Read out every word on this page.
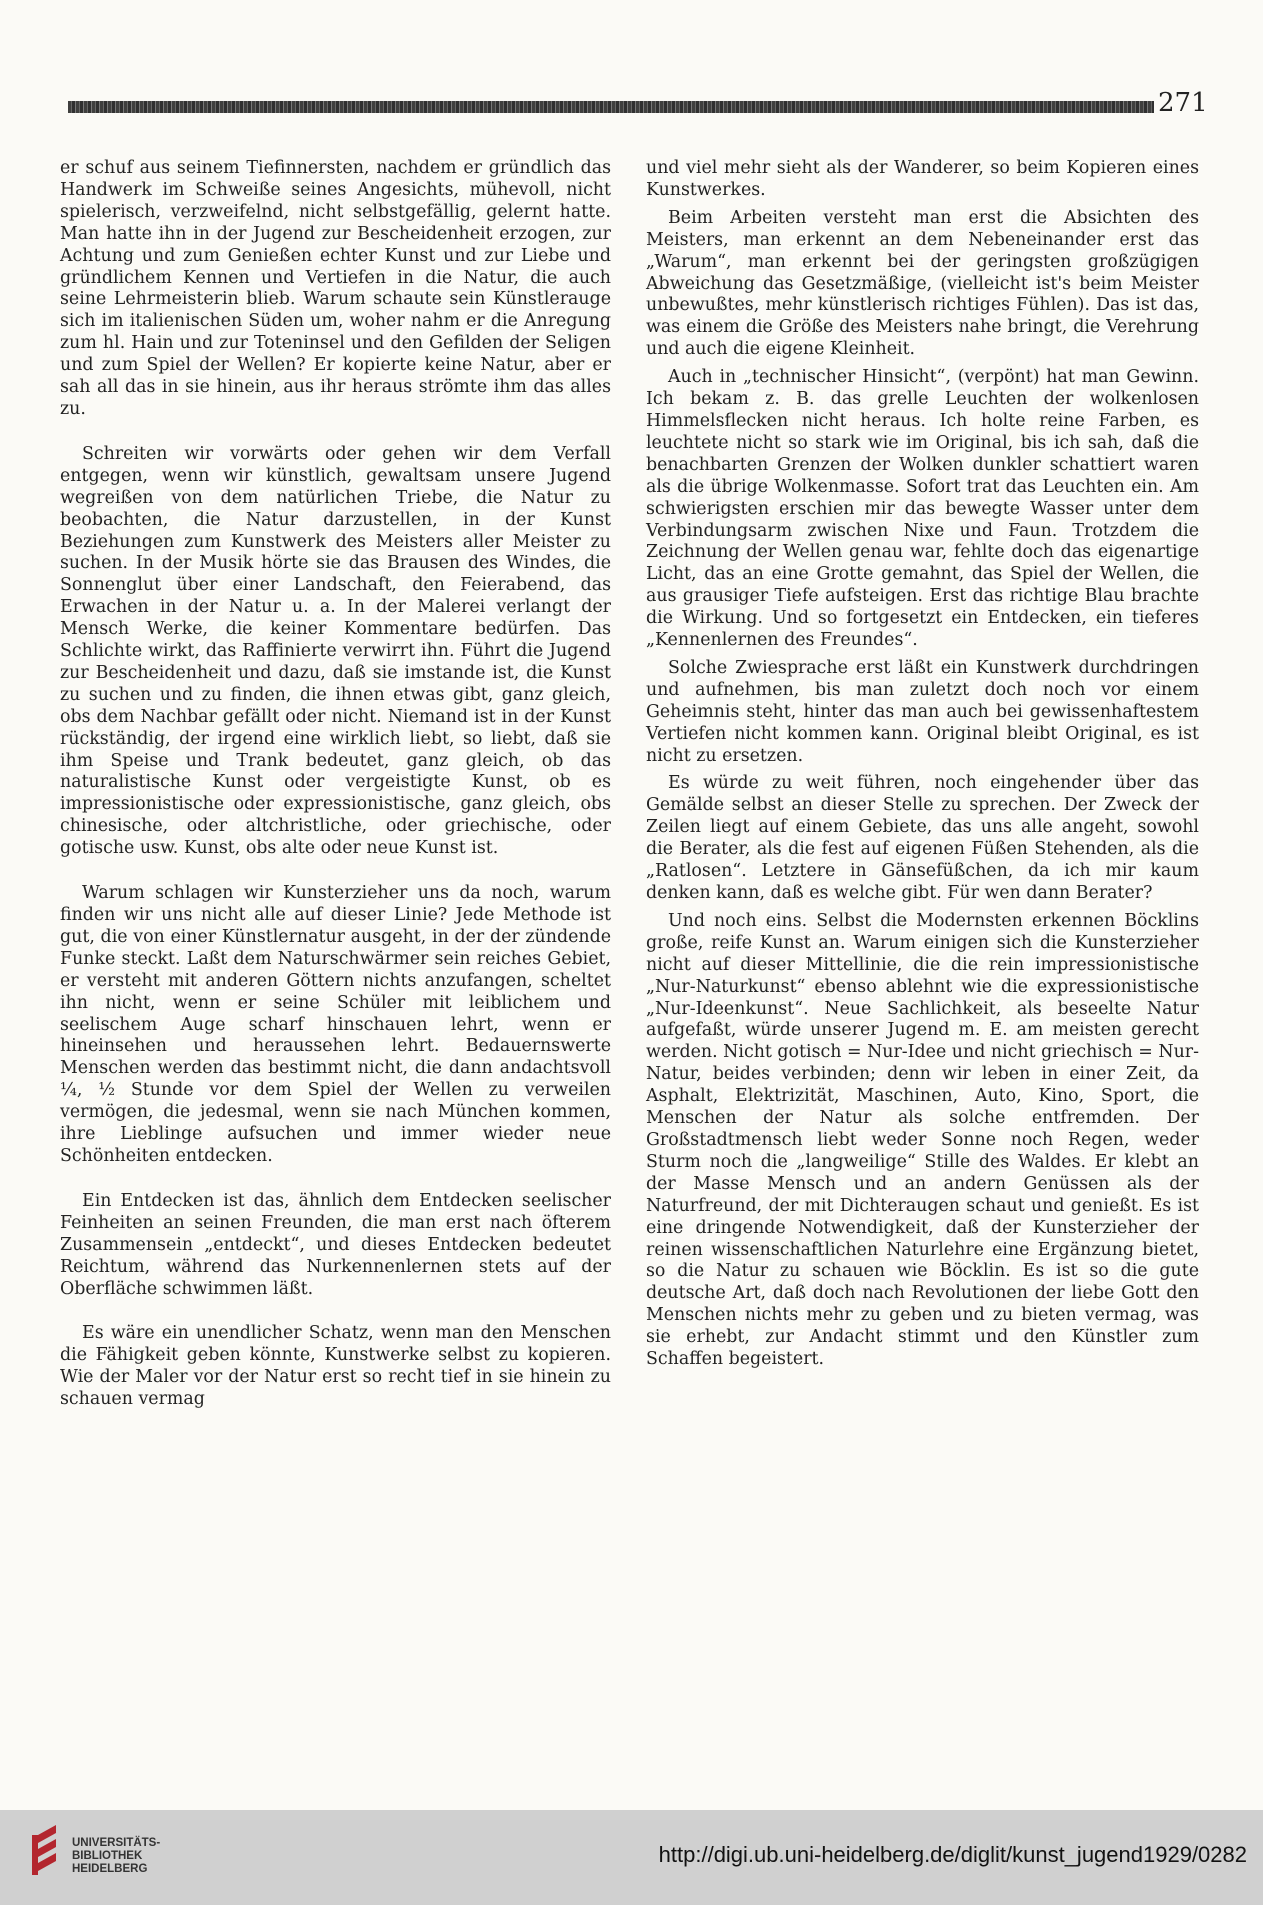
271

er schuf aus seinem Tiefinnersten, nachdem er gründlich das Handwerk im Schweiße seines Angesichts, mühevoll, nicht spielerisch, verzweifelnd, nicht selbstgefällig, gelernt hatte. Man hatte ihn in der Jugend zur Bescheidenheit erzogen, zur Achtung und zum Genießen echter Kunst und zur Liebe und gründlichem Kennen und Vertiefen in die Natur, die auch seine Lehrmeisterin blieb. Warum schaute sein Künstlerauge sich im italienischen Süden um, woher nahm er die Anregung zum hl. Hain und zur Toteninsel und den Gefilden der Seligen und zum Spiel der Wellen? Er kopierte keine Natur, aber er sah all das in sie hinein, aus ihr heraus strömte ihm das alles zu.

Schreiten wir vorwärts oder gehen wir dem Verfall entgegen, wenn wir künstlich, gewaltsam unsere Jugend wegreißen von dem natürlichen Triebe, die Natur zu beobachten, die Natur darzustellen, in der Kunst Beziehungen zum Kunstwerk des Meisters aller Meister zu suchen. In der Musik hörte sie das Brausen des Windes, die Sonnenglut über einer Landschaft, den Feierabend, das Erwachen in der Natur u. a. In der Malerei verlangt der Mensch Werke, die keiner Kommentare bedürfen. Das Schlichte wirkt, das Raffinierte verwirrt ihn. Führt die Jugend zur Bescheidenheit und dazu, daß sie imstande ist, die Kunst zu suchen und zu finden, die ihnen etwas gibt, ganz gleich, obs dem Nachbar gefällt oder nicht. Niemand ist in der Kunst rückständig, der irgend eine wirklich liebt, so liebt, daß sie ihm Speise und Trank bedeutet, ganz gleich, ob das naturalistische Kunst oder vergeistigte Kunst, ob es impressionistische oder expressionistische, ganz gleich, obs chinesische, oder altchristliche, oder griechische, oder gotische usw. Kunst, obs alte oder neue Kunst ist.

Warum schlagen wir Kunsterzieher uns da noch, warum finden wir uns nicht alle auf dieser Linie? Jede Methode ist gut, die von einer Künstlernatur ausgeht, in der der zündende Funke steckt. Laßt dem Naturschwärmer sein reiches Gebiet, er versteht mit anderen Göttern nichts anzufangen, scheltet ihn nicht, wenn er seine Schüler mit leiblichem und seelischem Auge scharf hinschauen lehrt, wenn er hineinsehen und heraussehen lehrt. Bedauernswerte Menschen werden das bestimmt nicht, die dann andachtsvoll ¼, ½ Stunde vor dem Spiel der Wellen zu verweilen vermögen, die jedesmal, wenn sie nach München kommen, ihre Lieblinge aufsuchen und immer wieder neue Schönheiten entdecken.

Ein Entdecken ist das, ähnlich dem Entdecken seelischer Feinheiten an seinen Freunden, die man erst nach öfterem Zusammensein „entdeckt“, und dieses Entdecken bedeutet Reichtum, während das Nurkennenlernen stets auf der Oberfläche schwimmen läßt.

Es wäre ein unendlicher Schatz, wenn man den Menschen die Fähigkeit geben könnte, Kunstwerke selbst zu kopieren. Wie der Maler vor der Natur erst so recht tief in sie hinein zu schauen vermag

und viel mehr sieht als der Wanderer, so beim Kopieren eines Kunstwerkes.

Beim Arbeiten versteht man erst die Absichten des Meisters, man erkennt an dem Nebeneinander erst das „Warum“, man erkennt bei der geringsten großzügigen Abweichung das Gesetzmäßige, (vielleicht ist's beim Meister unbewußtes, mehr künstlerisch richtiges Fühlen). Das ist das, was einem die Größe des Meisters nahe bringt, die Verehrung und auch die eigene Kleinheit.

Auch in „technischer Hinsicht“, (verpönt) hat man Gewinn. Ich bekam z. B. das grelle Leuchten der wolkenlosen Himmelsflecken nicht heraus. Ich holte reine Farben, es leuchtete nicht so stark wie im Original, bis ich sah, daß die benachbarten Grenzen der Wolken dunkler schattiert waren als die übrige Wolkenmasse. Sofort trat das Leuchten ein. Am schwierigsten erschien mir das bewegte Wasser unter dem Verbindungsarm zwischen Nixe und Faun. Trotzdem die Zeichnung der Wellen genau war, fehlte doch das eigenartige Licht, das an eine Grotte gemahnt, das Spiel der Wellen, die aus grausiger Tiefe aufsteigen. Erst das richtige Blau brachte die Wirkung. Und so fortgesetzt ein Entdecken, ein tieferes „Kennenlernen des Freundes“.

Solche Zwiesprache erst läßt ein Kunstwerk durchdringen und aufnehmen, bis man zuletzt doch noch vor einem Geheimnis steht, hinter das man auch bei gewissenhaftestem Vertiefen nicht kommen kann. Original bleibt Original, es ist nicht zu ersetzen.

Es würde zu weit führen, noch eingehender über das Gemälde selbst an dieser Stelle zu sprechen. Der Zweck der Zeilen liegt auf einem Gebiete, das uns alle angeht, sowohl die Berater, als die fest auf eigenen Füßen Stehenden, als die „Ratlosen“. Letztere in Gänsefüßchen, da ich mir kaum denken kann, daß es welche gibt. Für wen dann Berater?

Und noch eins. Selbst die Modernsten erkennen Böcklins große, reife Kunst an. Warum einigen sich die Kunsterzieher nicht auf dieser Mittellinie, die die rein impressionistische „Nur-Naturkunst“ ebenso ablehnt wie die expressionistische „Nur-Ideenkunst“. Neue Sachlichkeit, als beseelte Natur aufgefaßt, würde unserer Jugend m. E. am meisten gerecht werden. Nicht gotisch = Nur-Idee und nicht griechisch = Nur-Natur, beides verbinden; denn wir leben in einer Zeit, da Asphalt, Elektrizität, Maschinen, Auto, Kino, Sport, die Menschen der Natur als solche entfremden. Der Großstadtmensch liebt weder Sonne noch Regen, weder Sturm noch die „langweilige“ Stille des Waldes. Er klebt an der Masse Mensch und an andern Genüssen als der Naturfreund, der mit Dichteraugen schaut und genießt. Es ist eine dringende Notwendigkeit, daß der Kunsterzieher der reinen wissenschaftlichen Naturlehre eine Ergänzung bietet, so die Natur zu schauen wie Böcklin. Es ist so die gute deutsche Art, daß doch nach Revolutionen der liebe Gott den Menschen nichts mehr zu geben und zu bieten vermag, was sie erhebt, zur Andacht stimmt und den Künstler zum Schaffen begeistert.

UNIVERSITÄTS-
BIBLIOTHEK
HEIDELBERG
http://digi.ub.uni-heidelberg.de/diglit/kunst_jugend1929/0282
